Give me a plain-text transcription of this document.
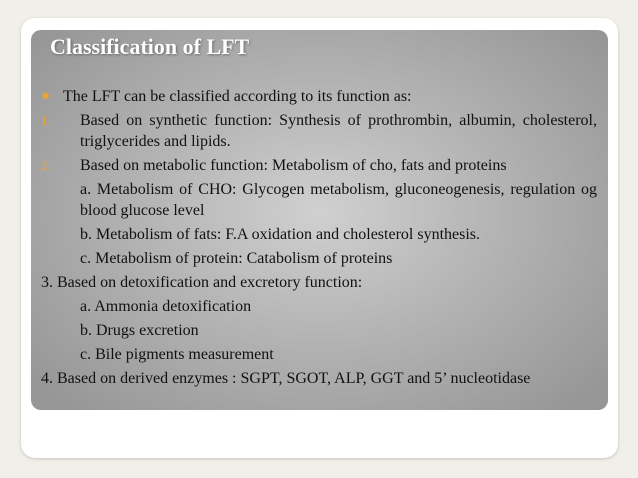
Classification of LFT
● The LFT can be classified according to its function as:
1.	Based on synthetic function: Synthesis of prothrombin, albumin, cholesterol, triglycerides and lipids.
2.	Based on metabolic function: Metabolism of cho, fats and proteins
a. Metabolism of CHO: Glycogen metabolism, gluconeogenesis, regulation og blood glucose level
b. Metabolism of fats: F.A oxidation and cholesterol synthesis.
c. Metabolism of protein: Catabolism of proteins
3. Based on detoxification and excretory function:
a. Ammonia detoxification
b. Drugs excretion
c. Bile pigments measurement
4. Based on derived enzymes : SGPT, SGOT, ALP, GGT and 5’ nucleotidase
